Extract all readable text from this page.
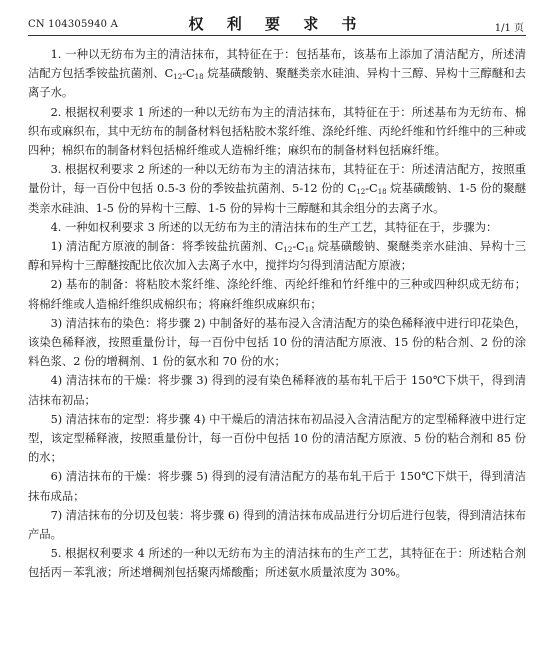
CN 104305940 A	权 利 要 求 书	1/1 页

1. 一种以无纺布为主的清洁抹布，其特征在于：包括基布，该基布上添加了清洁配方，所述清洁配方包括季铵盐抗菌剂、$C_{12}-C_{18}$ 烷基磺酸钠、聚醚类亲水硅油、异构十三醇、异构十三醇醚和去离子水。

2. 根据权利要求 1 所述的一种以无纺布为主的清洁抹布，其特征在于：所述基布为无纺布、棉织布或麻织布，其中无纺布的制备材料包括粘胶木浆纤维、涤纶纤维、丙纶纤维和竹纤维中的三种或四种；棉织布的制备材料包括棉纤维或人造棉纤维；麻织布的制备材料包括麻纤维。

3. 根据权利要求 2 所述的一种以无纺布为主的清洁抹布，其特征在于：所述清洁配方，按照重量份计，每一百份中包括 0.5-3 份的季铵盐抗菌剂、5-12 份的 $C_{12}-C_{18}$ 烷基磺酸钠、1-5 份的聚醚类亲水硅油、1-5 份的异构十三醇、1-5 份的异构十三醇醚和其余组分的去离子水。

4. 一种如权利要求 3 所述的以无纺布为主的清洁抹布的生产工艺，其特征在于，步骤为：

1) 清洁配方原液的制备：将季铵盐抗菌剂、$C_{12}-C_{18}$ 烷基磺酸钠、聚醚类亲水硅油、异构十三醇和异构十三醇醚按配比依次加入去离子水中，搅拌均匀得到清洁配方原液；

2) 基布的制备：将粘胶木浆纤维、涤纶纤维、丙纶纤维和竹纤维中的三种或四种织成无纺布；将棉纤维或人造棉纤维织成棉织布；将麻纤维织成麻织布；

3) 清洁抹布的染色：将步骤 2) 中制备好的基布浸入含清洁配方的染色稀释液中进行印花染色，该染色稀释液，按照重量份计，每一百份中包括 10 份的清洁配方原液、15 份的粘合剂、2 份的涂料色浆、2 份的增稠剂、1 份的氨水和 70 份的水；

4) 清洁抹布的干燥：将步骤 3) 得到的浸有染色稀释液的基布轧干后于 150℃下烘干，得到清洁抹布初品；

5) 清洁抹布的定型：将步骤 4) 中干燥后的清洁抹布初品浸入含清洁配方的定型稀释液中进行定型，该定型稀释液，按照重量份计，每一百份中包括 10 份的清洁配方原液、5 份的粘合剂和 85 份的水；

6) 清洁抹布的干燥：将步骤 5) 得到的浸有清洁配方的基布轧干后于 150℃下烘干，得到清洁抹布成品；

7) 清洁抹布的分切及包装：将步骤 6) 得到的清洁抹布成品进行分切后进行包装，得到清洁抹布产品。

5. 根据权利要求 4 所述的一种以无纺布为主的清洁抹布的生产工艺，其特征在于：所述粘合剂包括丙－苯乳液；所述增稠剂包括聚丙烯酸酯；所述氨水质量浓度为 30%。
